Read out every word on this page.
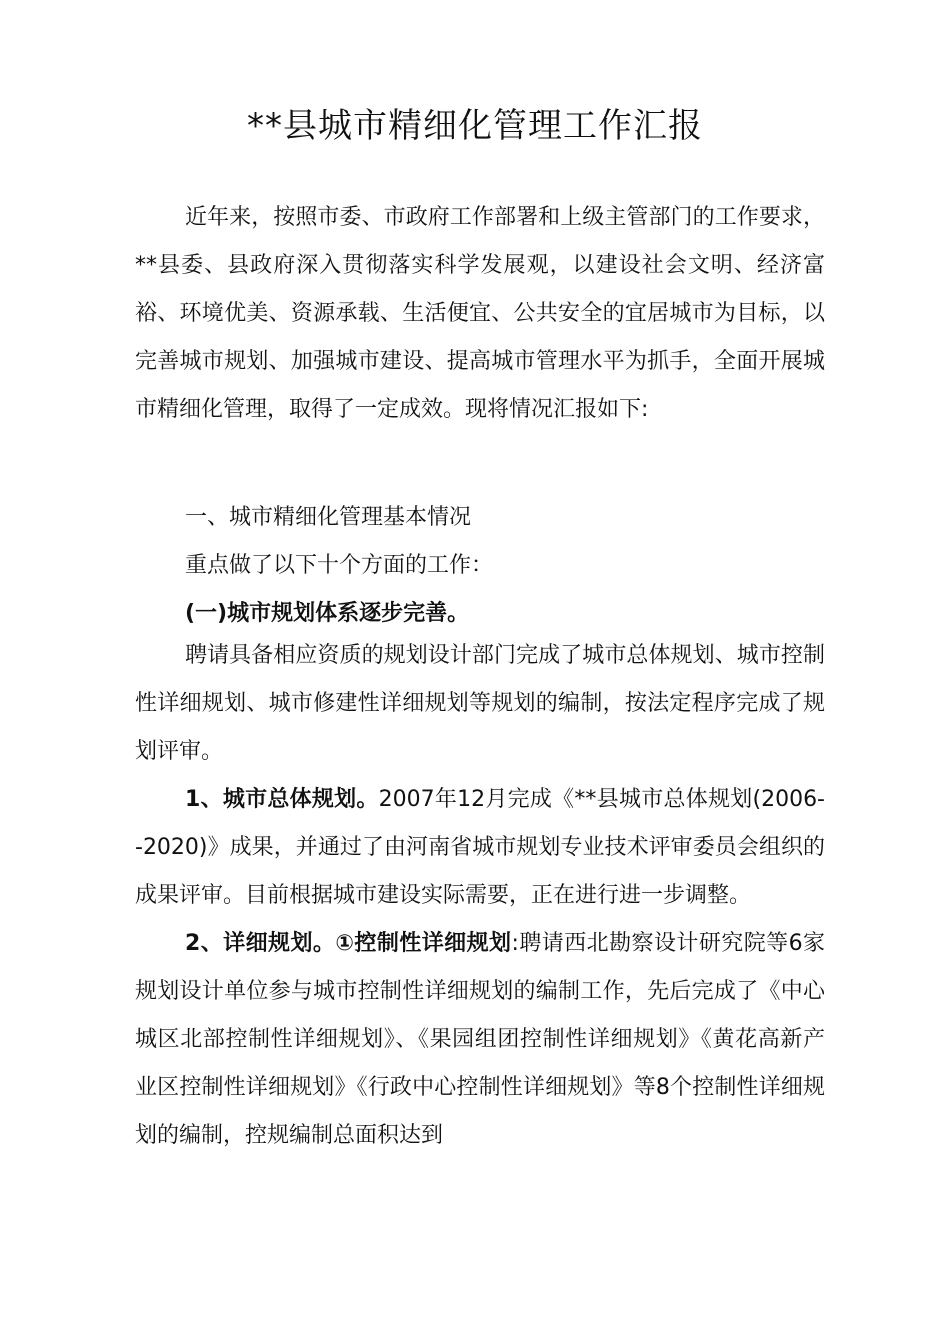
**县城市精细化管理工作汇报

近年来，按照市委、市政府工作部署和上级主管部门的工作要求，**县委、县政府深入贯彻落实科学发展观，以建设社会文明、经济富裕、环境优美、资源承载、生活便宜、公共安全的宜居城市为目标，以完善城市规划、加强城市建设、提高城市管理水平为抓手，全面开展城市精细化管理，取得了一定成效。现将情况汇报如下:

一、城市精细化管理基本情况

重点做了以下十个方面的工作：

(一)城市规划体系逐步完善。

聘请具备相应资质的规划设计部门完成了城市总体规划、城市控制性详细规划、城市修建性详细规划等规划的编制，按法定程序完成了规划评审。

1、城市总体规划。2007年12月完成《**县城市总体规划(2006--2020)》成果，并通过了由河南省城市规划专业技术评审委员会组织的成果评审。目前根据城市建设实际需要，正在进行进一步调整。

2、详细规划。①控制性详细规划:聘请西北勘察设计研究院等6家规划设计单位参与城市控制性详细规划的编制工作，先后完成了《中心城区北部控制性详细规划》、《果园组团控制性详细规划》《黄花高新产业区控制性详细规划》《行政中心控制性详细规划》等8个控制性详细规划的编制，控规编制总面积达到
